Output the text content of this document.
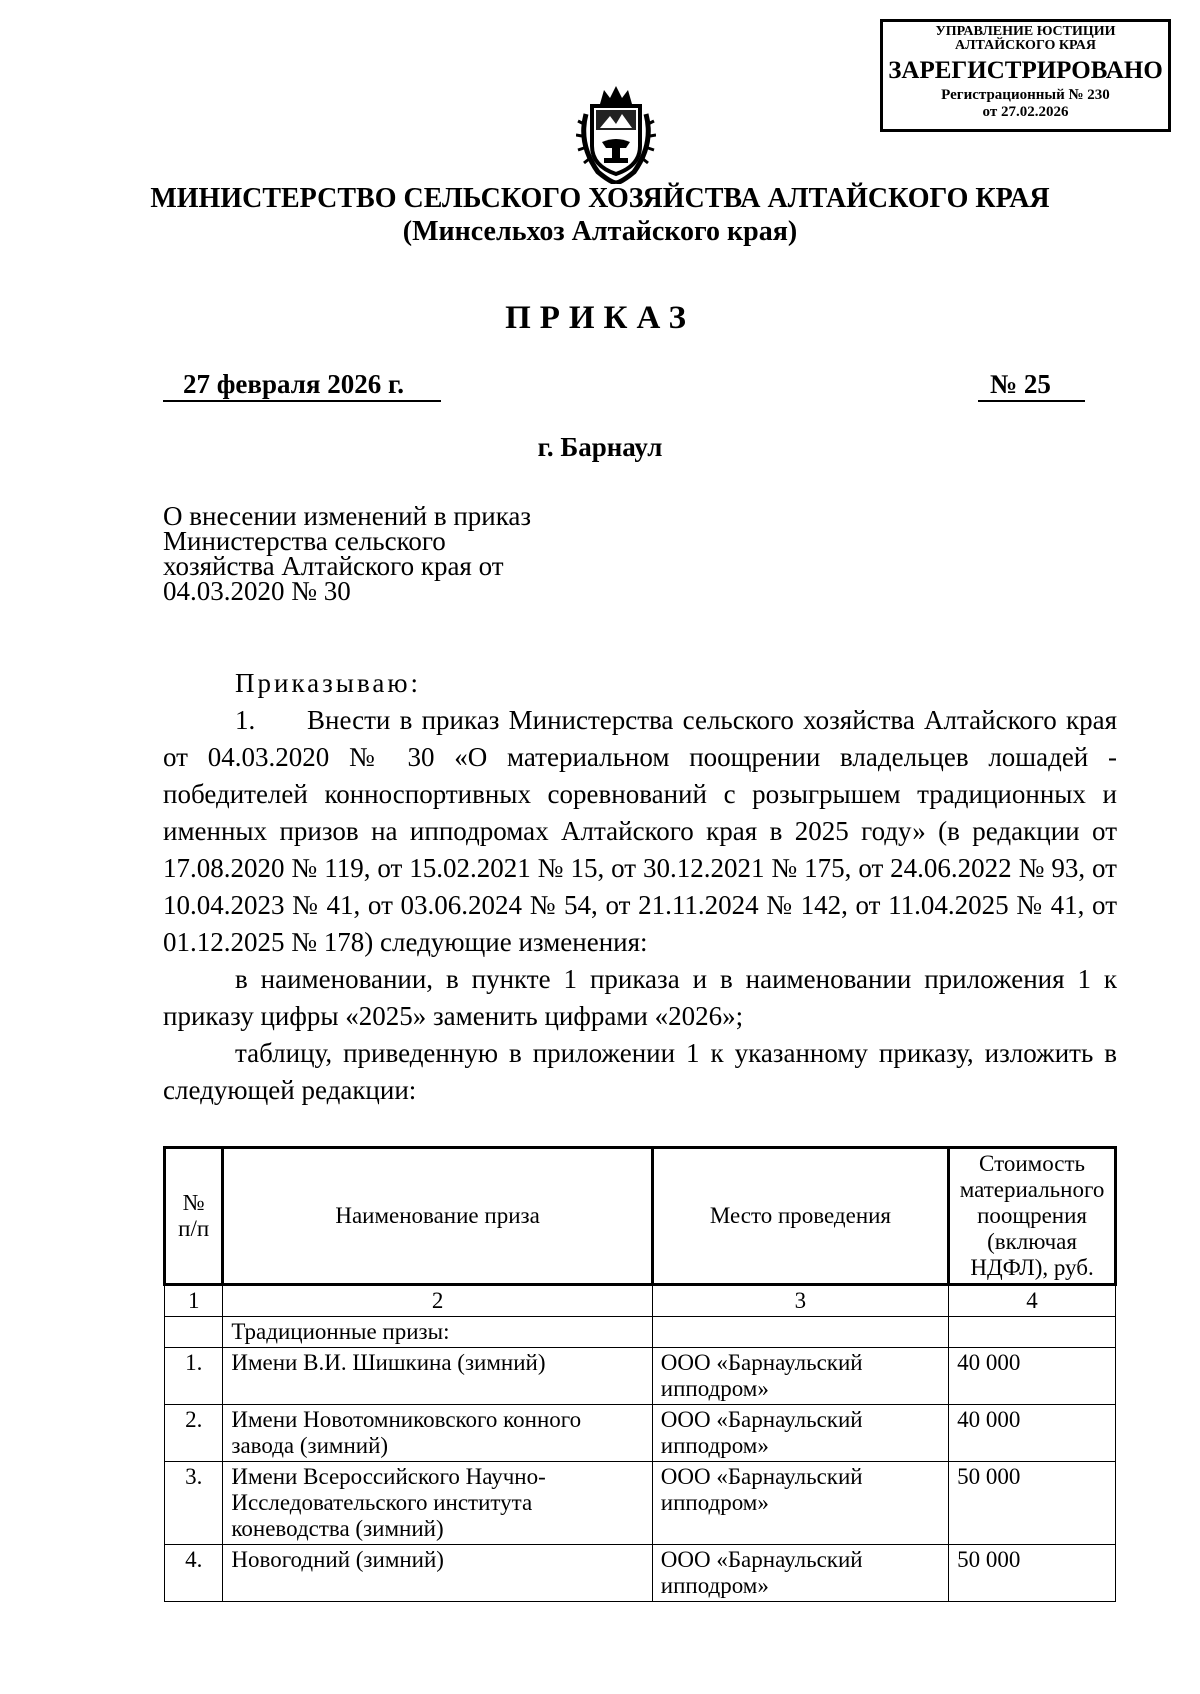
УПРАВЛЕНИЕ ЮСТИЦИИ
АЛТАЙСКОГО КРАЯ
ЗАРЕГИСТРИРОВАНО
Регистрационный № 230
от 27.02.2026
МИНИСТЕРСТВО СЕЛЬСКОГО ХОЗЯЙСТВА АЛТАЙСКОГО КРАЯ
(Минсельхоз Алтайского края)
ПРИКАЗ
27 февраля 2026 г.	№ 25
г. Барнаул
О внесении изменений в приказ
Министерства сельского
хозяйства Алтайского края от
04.03.2020 № 30

Приказываю:

1. Внести в приказ Министерства сельского хозяйства Алтайского края от 04.03.2020 № 30 «О материальном поощрении владельцев лошадей - победителей конноспортивных соревнований с розыгрышем традиционных и именных призов на ипподромах Алтайского края в 2025 году» (в редакции от 17.08.2020 № 119, от 15.02.2021 № 15, от 30.12.2021 № 175, от 24.06.2022 № 93, от 10.04.2023 № 41, от 03.06.2024 № 54, от 21.11.2024 № 142, от 11.04.2025 № 41, от 01.12.2025 № 178) следующие изменения:

в наименовании, в пункте 1 приказа и в наименовании приложения 1 к приказу цифры «2025» заменить цифрами «2026»;

таблицу, приведенную в приложении 1 к указанному приказу, изложить в следующей редакции:

№ п/п	Наименование приза	Место проведения	Стоимость материального поощрения (включая НДФЛ), руб.
1	2	3	4
	Традиционные призы:		
1.	Имени В.И. Шишкина (зимний)	ООО «Барнаульский ипподром»	40 000
2.	Имени Новотомниковского конного завода (зимний)	ООО «Барнаульский ипподром»	40 000
3.	Имени Всероссийского Научно-Исследовательского института коневодства (зимний)	ООО «Барнаульский ипподром»	50 000
4.	Новогодний (зимний)	ООО «Барнаульский ипподром»	50 000
